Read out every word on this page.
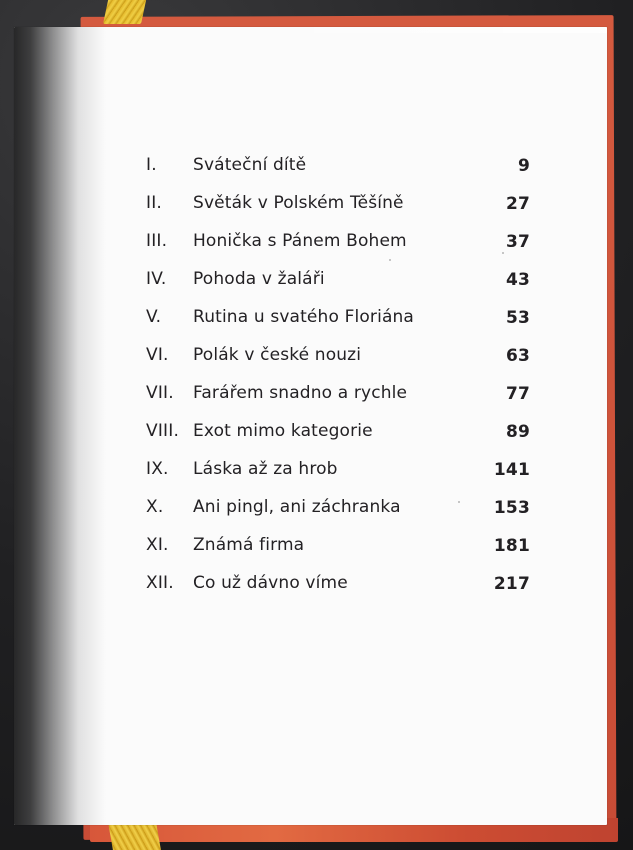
I.	Sváteční dítě	9
II.	Světák v Polském Těšíně	27
III.	Honička s Pánem Bohem	37
IV.	Pohoda v žaláři	43
V.	Rutina u svatého Floriána	53
VI.	Polák v české nouzi	63
VII.	Farářem snadno a rychle	77
VIII. Exot mimo kategorie	89
IX.	Láska až za hrob	141
X.	Ani pingl, ani záchranka	153
XI.	Známá firma	181
XII.	Co už dávno víme	217
